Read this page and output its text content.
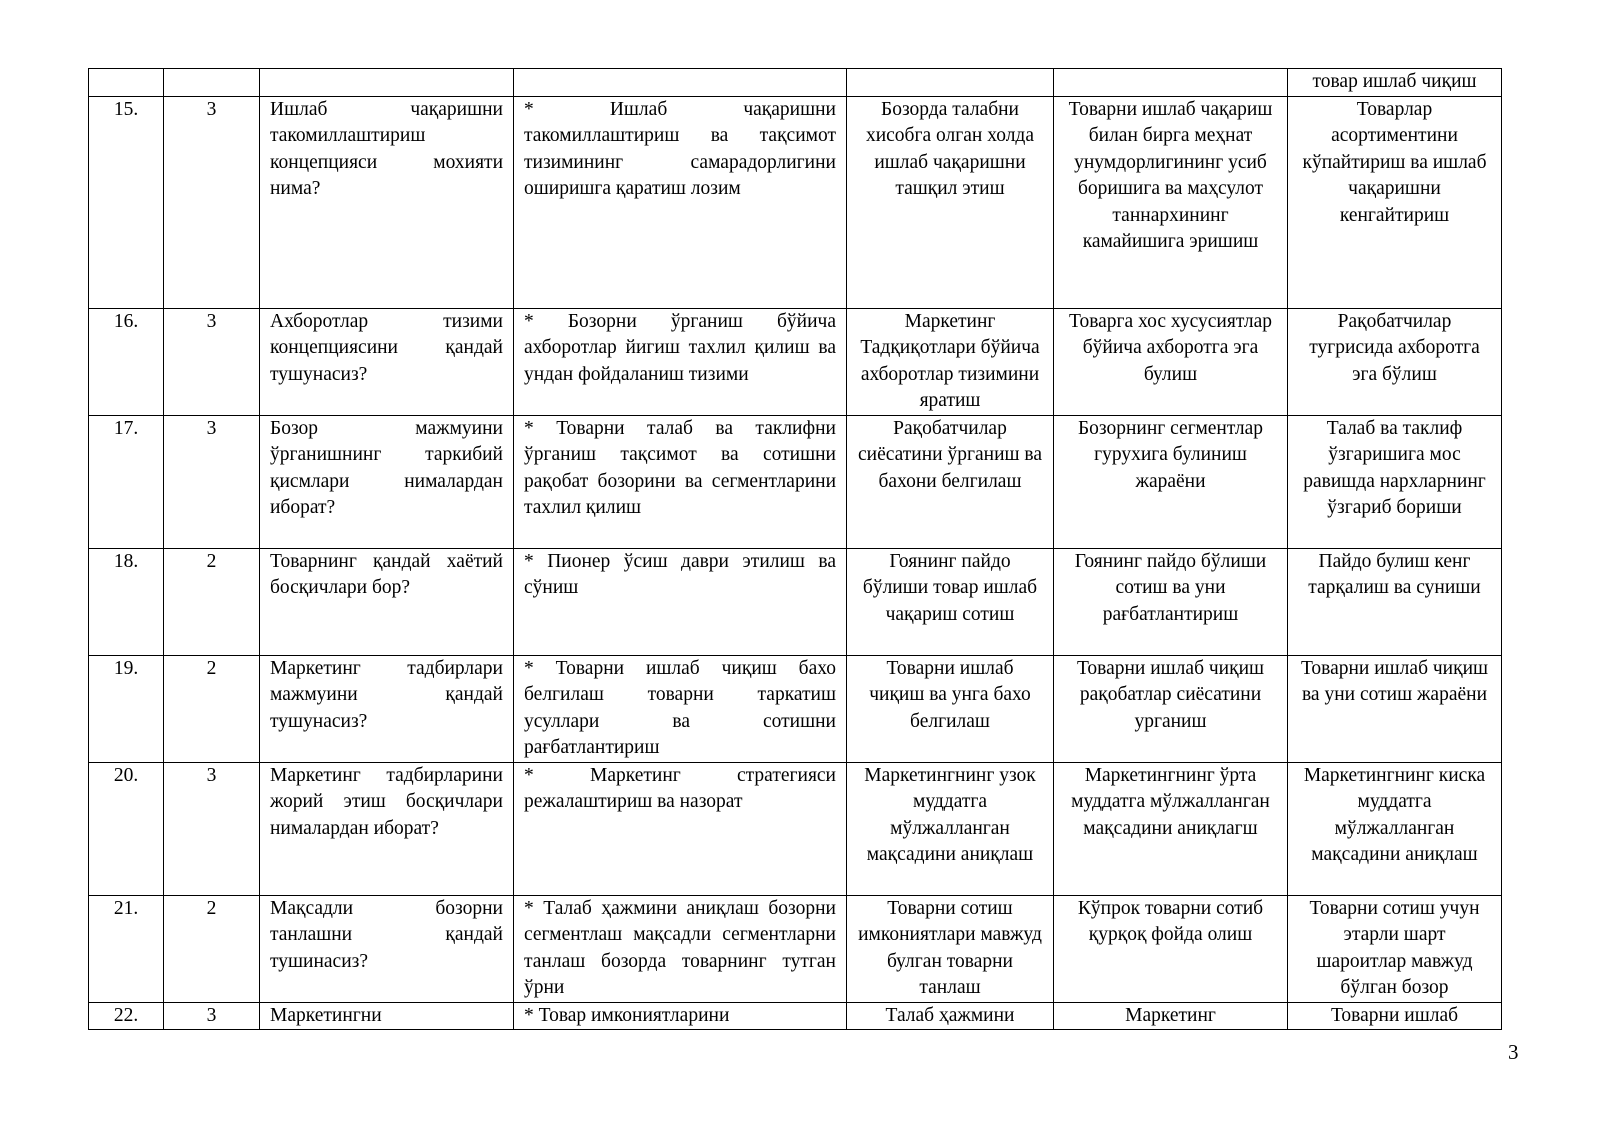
						товар ишлаб чиқиш
15.	3	Ишлаб чақаришни такомиллаштириш концепцияси мохияти нима?	* Ишлаб чақаришни такомиллаштириш ва тақсимот тизимининг самарадорлигини оширишга қаратиш лозим	Бозорда талабни хисобга олган холда ишлаб чақаришни ташқил этиш	Товарни ишлаб чақариш билан бирга меҳнат унумдорлигининг усиб боришига ва маҳсулот таннархининг камайишига эришиш	Товарлар асортиментини кўпайтириш ва ишлаб чақаришни кенгайтириш
16.	3	Ахборотлар тизими концепциясини қандай тушунасиз?	* Бозорни ўрганиш бўйича ахборотлар йигиш тахлил қилиш ва ундан фойдаланиш тизими	Маркетинг Тадқиқотлари бўйича ахборотлар тизимини яратиш	Товарга хос хусусиятлар бўйича ахборотга эга булиш	Рақобатчилар тугрисида ахборотга эга бўлиш
17.	3	Бозор мажмуини ўрганишнинг таркибий қисмлари нималардан иборат?	* Товарни талаб ва таклифни ўрганиш тақсимот ва сотишни рақобат бозорини ва сегментларини тахлил қилиш	Рақобатчилар сиёсатини ўрганиш ва бахони белгилаш	Бозорнинг сегментлар гурухига булиниш жараёни	Талаб ва таклиф ўзгаришига мос равишда нархларнинг ўзгариб бориши
18.	2	Товарнинг қандай хаётий босқичлари бор?	* Пионер ўсиш даври этилиш ва сўниш	Гоянинг пайдо бўлиши товар ишлаб чақариш сотиш	Гоянинг пайдо бўлиши сотиш ва уни рағбатлантириш	Пайдо булиш кенг тарқалиш ва суниши
19.	2	Маркетинг тадбирлари мажмуини қандай тушунасиз?	* Товарни ишлаб чиқиш бахо белгилаш товарни таркатиш усуллари ва сотишни рағбатлантириш	Товарни ишлаб чиқиш ва унга бахо белгилаш	Товарни ишлаб чиқиш рақобатлар сиёсатини урганиш	Товарни ишлаб чиқиш ва уни сотиш жараёни
20.	3	Маркетинг тадбирларини жорий этиш босқичлари нималардан иборат?	* Маркетинг стратегияси режалаштириш ва назорат	Маркетингнинг узок муддатга мўлжалланган мақсадини аниқлаш	Маркетингнинг ўрта муддатга мўлжалланган мақсадини аниқлагш	Маркетингнинг киска муддатга мўлжалланган мақсадини аниқлаш
21.	2	Мақсадли бозорни танлашни қандай тушинасиз?	* Талаб ҳажмини аниқлаш бозорни сегментлаш мақсадли сегментларни танлаш бозорда товарнинг тутган ўрни	Товарни сотиш имкониятлари мавжуд булган товарни танлаш	Кўпрок товарни сотиб қурқоқ фойда олиш	Товарни сотиш учун этарли шарт шароитлар мавжуд бўлган бозор
22.	3	Маркетингни	* Товар имкониятларини	Талаб ҳажмини	Маркетинг	Товарни ишлаб
3
